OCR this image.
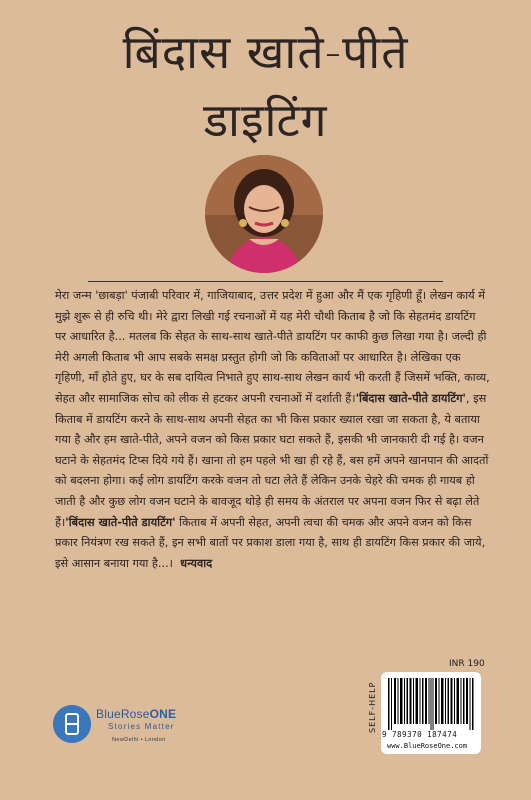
बिंदास खाते-पीते
डाइटिंग
मेरा जन्म 'छाबड़ा' पंजाबी परिवार में, गाजियाबाद, उत्तर प्रदेश में हुआ और मैं एक गृहिणी हूँ। लेखन कार्य में मुझे शुरू से ही रुचि थी। मेरे द्वारा लिखी गई रचनाओं में यह मेरी चौथी किताब है जो कि सेहतमंद डायटिंग पर आधारित है... मतलब कि सेहत के साथ-साथ खाते-पीते डायटिंग पर काफी कुछ लिखा गया है। जल्दी ही मेरी अगली किताब भी आप सबके समक्ष प्रस्तुत होगी जो कि कविताओं पर आधारित है। लेखिका एक गृहिणी, माँ होते हुए, घर के सब दायित्व निभाते हुए साथ-साथ लेखन कार्य भी करती हैं जिसमें भक्ति, काव्य, सेहत और सामाजिक सोच को लीक से हटकर अपनी रचनाओं में दर्शाती हैं।'बिंदास खाते-पीते डायटिंग', इस किताब में डायटिंग करने के साथ-साथ अपनी सेहत का भी किस प्रकार ख्याल रखा जा सकता है, ये बताया गया है और हम खाते-पीते, अपने वजन को किस प्रकार घटा सकते हैं, इसकी भी जानकारी दी गई है। वजन घटाने के सेहतमंद टिप्स दिये गये हैं। खाना तो हम पहले भी खा ही रहे हैं, बस हमें अपने खानपान की आदतों को बदलना होगा। कई लोग डायटिंग करके वजन तो घटा लेते हैं लेकिन उनके चेहरे की चमक ही गायब हो जाती है और कुछ लोग वजन घटाने के बावजूद थोड़े ही समय के अंतराल पर अपना वजन फिर से बढ़ा लेते हैं।'बिंदास खाते-पीते डायटिंग' किताब में अपनी सेहत, अपनी त्वचा की चमक और अपने वजन को किस प्रकार नियंत्रण रख सकते हैं, इन सभी बातों पर प्रकाश डाला गया है, साथ ही डायटिंग किस प्रकार की जाये, इसे आसान बनाया गया है...। धन्यवाद
BlueRoseONE
Stories Matter
NewDelhi • London
INR 190
SELF-HELP
9 789370 187474
www.BlueRoseOne.com
